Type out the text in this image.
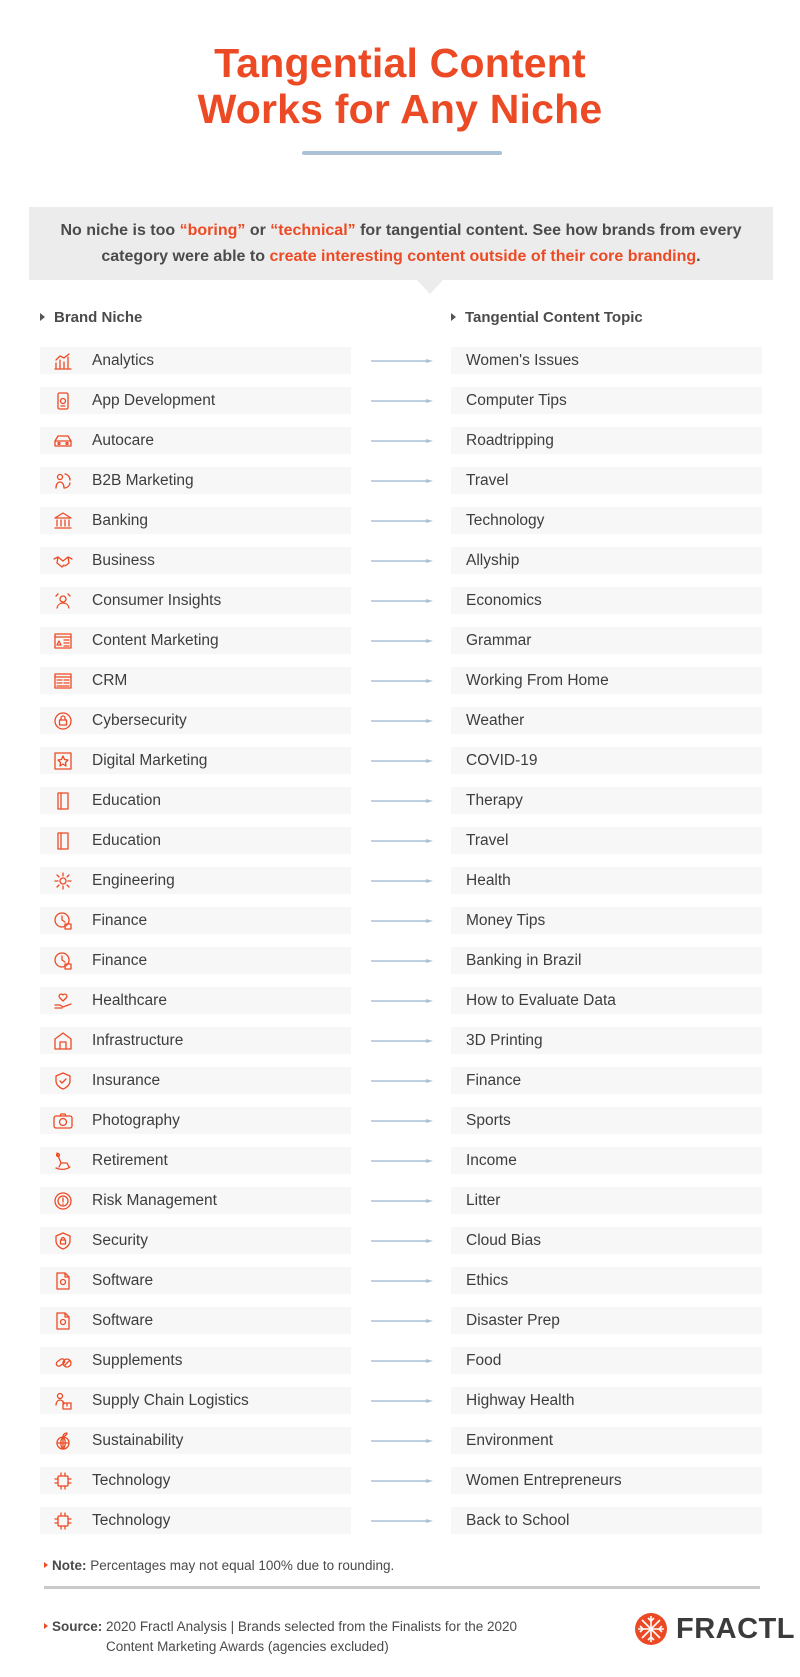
Tangential Content
Works for Any Niche
No niche is too “boring” or “technical” for tangential content. See how brands from every category were able to create interesting content outside of their core branding.
Brand Niche	Tangential Content Topic
Analytics	Women's Issues
App Development	Computer Tips
Autocare	Roadtripping
B2B Marketing	Travel
Banking	Technology
Business	Allyship
Consumer Insights	Economics
Content Marketing	Grammar
CRM	Working From Home
Cybersecurity	Weather
Digital Marketing	COVID-19
Education	Therapy
Education	Travel
Engineering	Health
Finance	Money Tips
Finance	Banking in Brazil
Healthcare	How to Evaluate Data
Infrastructure	3D Printing
Insurance	Finance
Photography	Sports
Retirement	Income
Risk Management	Litter
Security	Cloud Bias
Software	Ethics
Software	Disaster Prep
Supplements	Food
Supply Chain Logistics	Highway Health
Sustainability	Environment
Technology	Women Entrepreneurs
Technology	Back to School
Note: Percentages may not equal 100% due to rounding.
Source: 2020 Fractl Analysis | Brands selected from the Finalists for the 2020 Content Marketing Awards (agencies excluded)
FRACTL
